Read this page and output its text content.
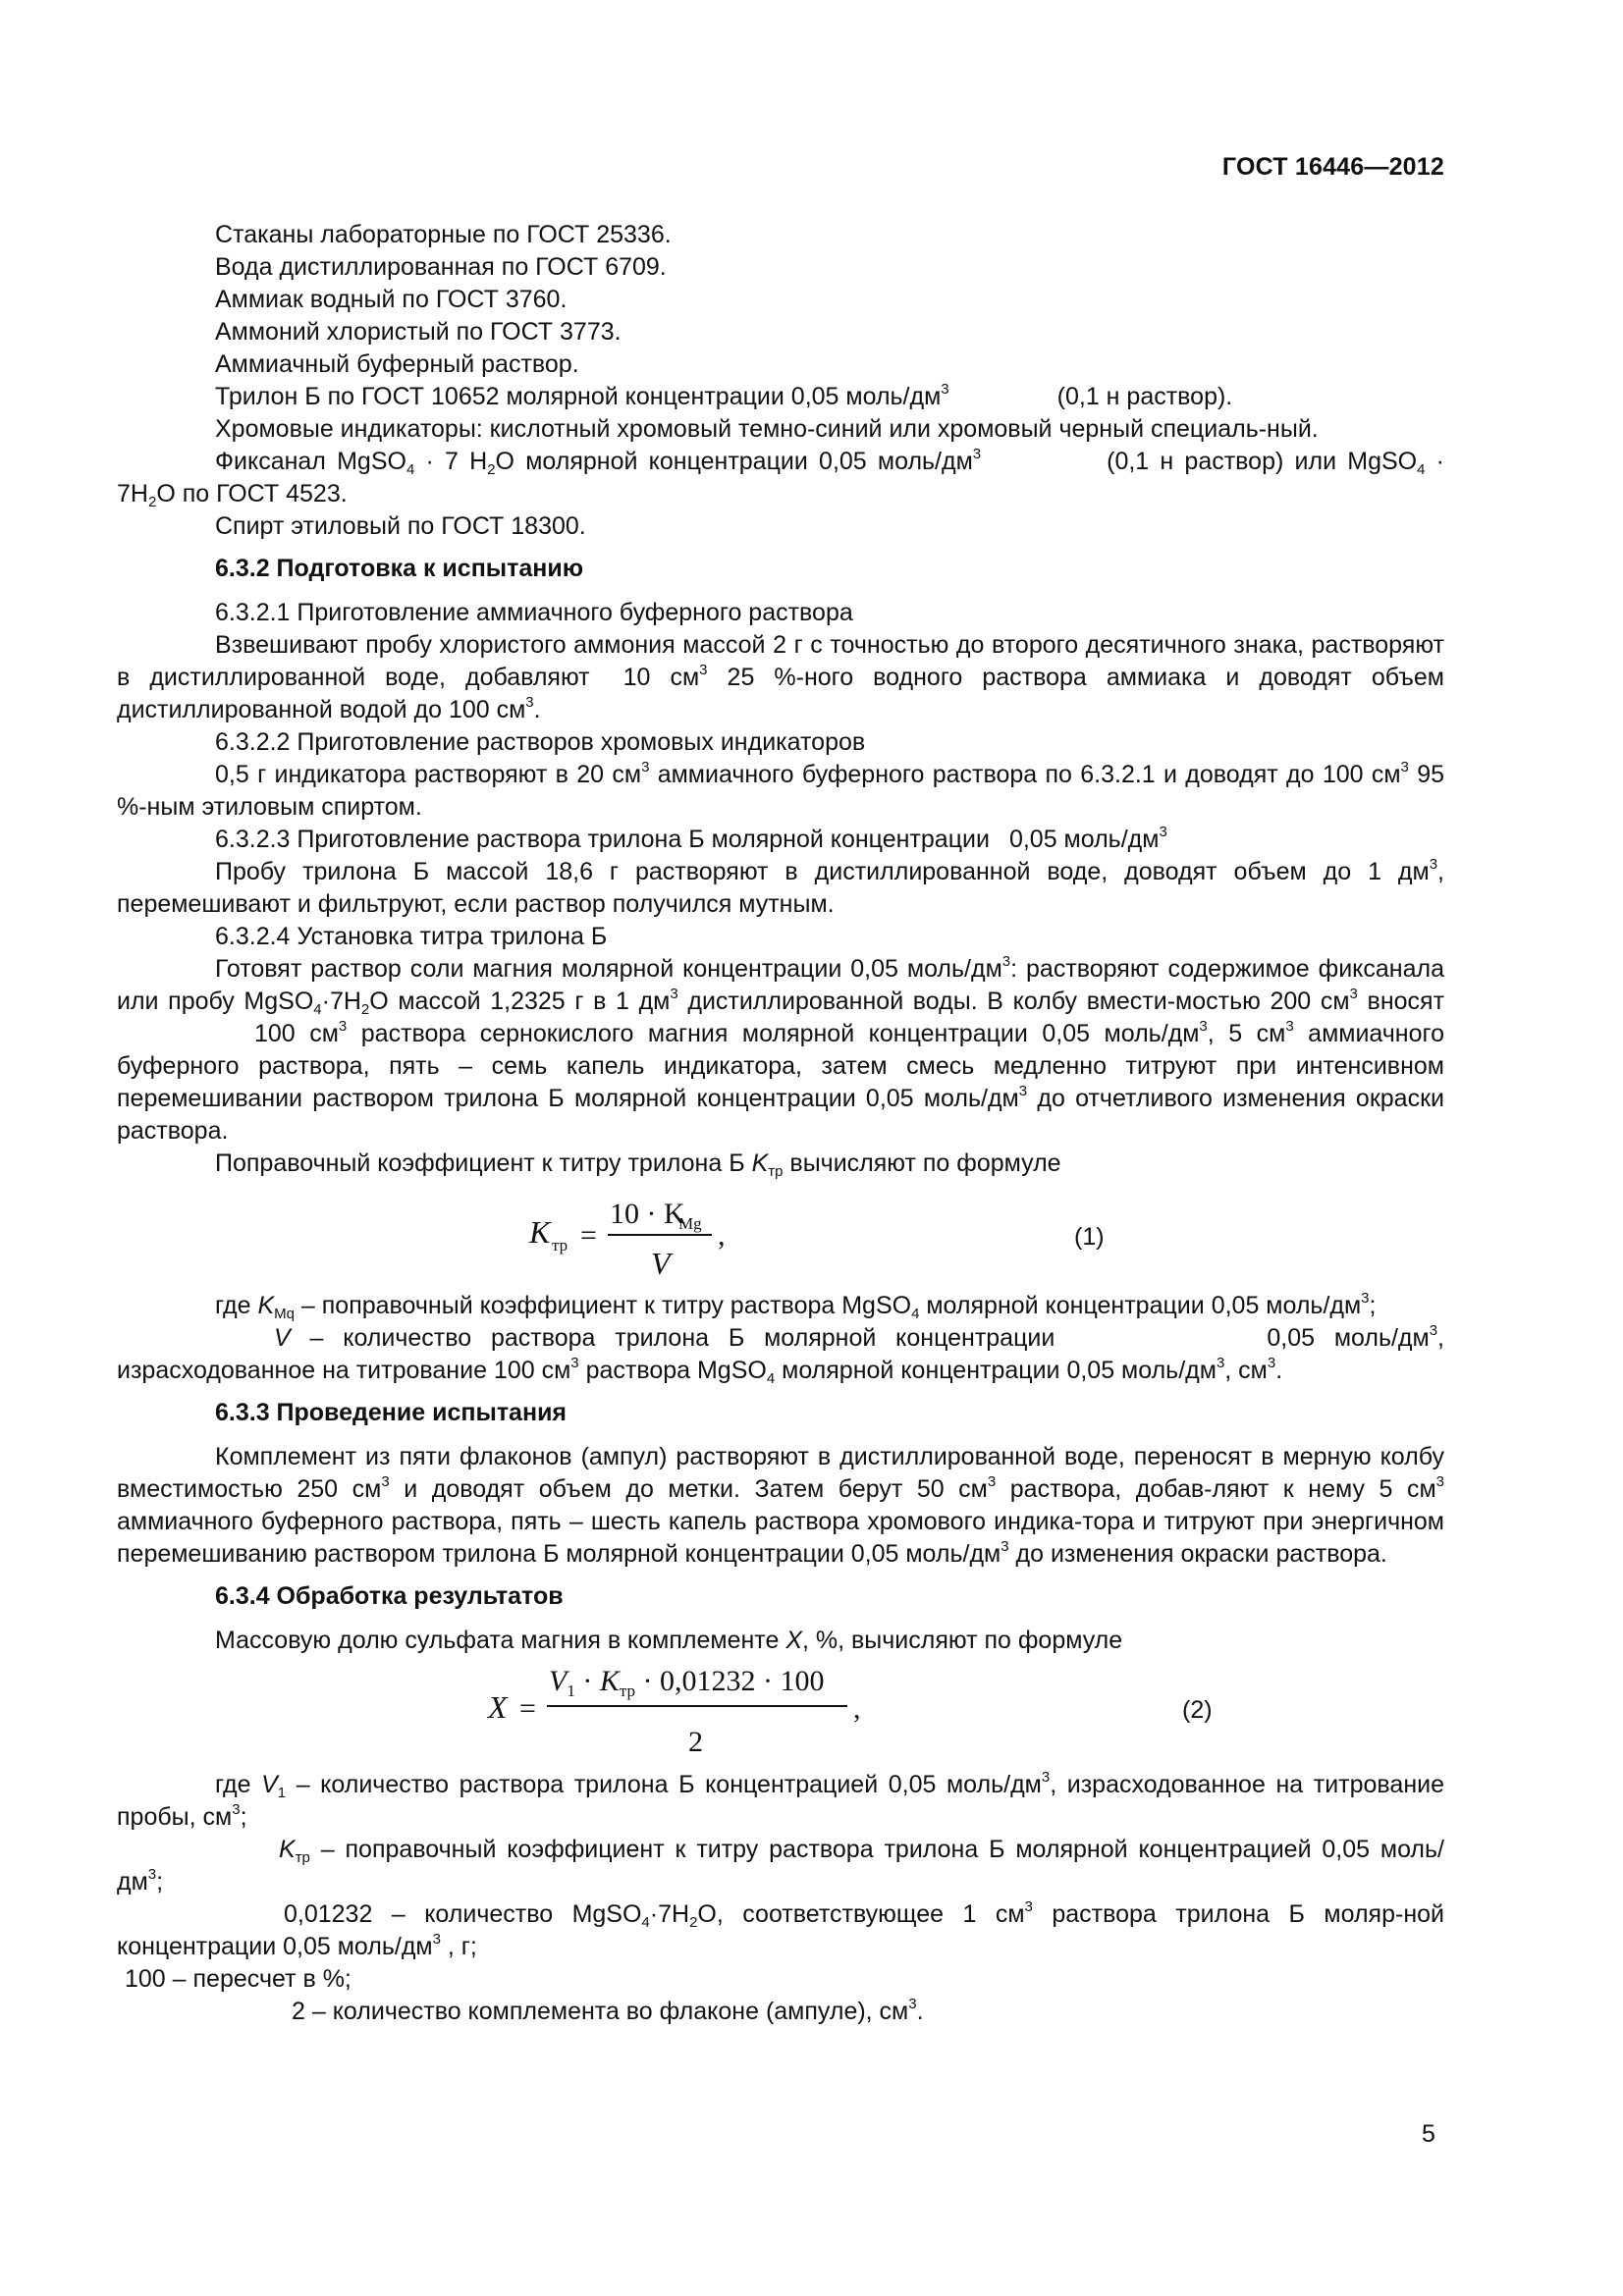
ГОСТ 16446—2012

Стаканы лабораторные по ГОСТ 25336.

Вода дистиллированная по ГОСТ 6709.

Аммиак водный по ГОСТ 3760.

Аммоний хлористый по ГОСТ 3773.

Аммиачный буферный раствор.

Трилон Б по ГОСТ 10652 молярной концентрации 0,05 моль/$дм^3$	(0,1 н раствор).

Хромовые индикаторы: кислотный хромовый темно-синий или хромовый черный специаль-ный.

Фиксанал MgSO$_4$ · 7 $H_2O$ молярной концентрации 0,05 моль/$дм^3$	(0,1 н раствор) или MgSO$_4$ · $7H_2O$ по ГОСТ 4523.

Спирт этиловый по ГОСТ 18300.

6.3.2 Подготовка к испытанию

6.3.2.1 Приготовление аммиачного буферного раствора

Взвешивают пробу хлористого аммония массой 2 г с точностью до второго десятичного знака, растворяют в дистиллированной воде, добавляют 10 $см^3$ 25 %-ного водного раствора аммиака и доводят объем дистиллированной водой до 100 $см^3$.

6.3.2.2 Приготовление растворов хромовых индикаторов

0,5 г индикатора растворяют в 20 $см^3$ аммиачного буферного раствора по 6.3.2.1 и доводят до 100 $см^3$ 95 %-ным этиловым спиртом.

6.3.2.3 Приготовление раствора трилона Б молярной концентрации 0,05 моль/$дм^3$

Пробу трилона Б массой 18,6 г растворяют в дистиллированной воде, доводят объем до 1 $дм^3$, перемешивают и фильтруют, если раствор получился мутным.

6.3.2.4 Установка титра трилона Б

Готовят раствор соли магния молярной концентрации 0,05 моль/$дм^3$: растворяют содержимое фиксанала или пробу $MgSO_4\cdot 7H_2O$ массой 1,2325 г в 1 $дм^3$ дистиллированной воды. В колбу вмести-мостью 200 $см^3$ вносят100 $см^3$ раствора сернокислого магния молярной концентрации 0,05 моль/$дм^3$, 5 $см^3$ аммиачного буферного раствора, пять – семь капель индикатора, затем смесь медленно титруют при интенсивном перемешивании раствором трилона Б молярной концентрации 0,05 моль/$дм^3$ до отчетливого изменения окраски раствора.

Поправочный коэффициент к титру трилона Б $K_{тр}$ вычисляют по формуле

K тр =
10 · K
Mg
V
,	(1)

где $K_{Mq}$ – поправочный коэффициент к титру раствора MgSO$_4$ молярной концентрации 0,05 моль/$дм^3$;

V – количество раствора трилона Б молярной концентрации	0,05 моль/$дм^3$, израсходованное на титрование 100 $см^3$ раствора MgSO$_4$ молярной концентрации 0,05 моль/$дм^3$, $см^3$.

6.3.3 Проведение испытания

Комплемент из пяти флаконов (ампул) растворяют в дистиллированной воде, переносят в мерную колбу вместимостью 250 $см^3$ и доводят объем до метки. Затем берут 50 $см^3$ раствора, добав-ляют к нему 5 $см^3$ аммиачного буферного раствора, пять – шесть капель раствора хромового индика-тора и титруют при энергичном перемешиванию раствором трилона Б молярной концентрации 0,05 моль/$дм^3$ до изменения окраски раствора.

6.3.4 Обработка результатов

Массовую долю сульфата магния в комплементе X, %, вычисляют по формуле

X =
$V_1 \cdot K_{тр} \cdot 0,01232 \cdot 100$
2
,	(2)

где $V_1$ – количество раствора трилона Б концентрацией 0,05 моль/$дм^3$, израсходованное на титрование пробы, $см^3$;

$K_{тр}$ – поправочный коэффициент к титру раствора трилона Б молярной концентрацией 0,05 моль/$дм^3$;

0,01232 – количество $MgSO_4\cdot 7H_2O$, соответствующее 1 $см^3$ раствора трилона Б моляр-ной концентрации 0,05 моль/$дм^3$ , г;

100 – пересчет в %;

2 – количество комплемента во флаконе (ампуле), $см^3$.

5
